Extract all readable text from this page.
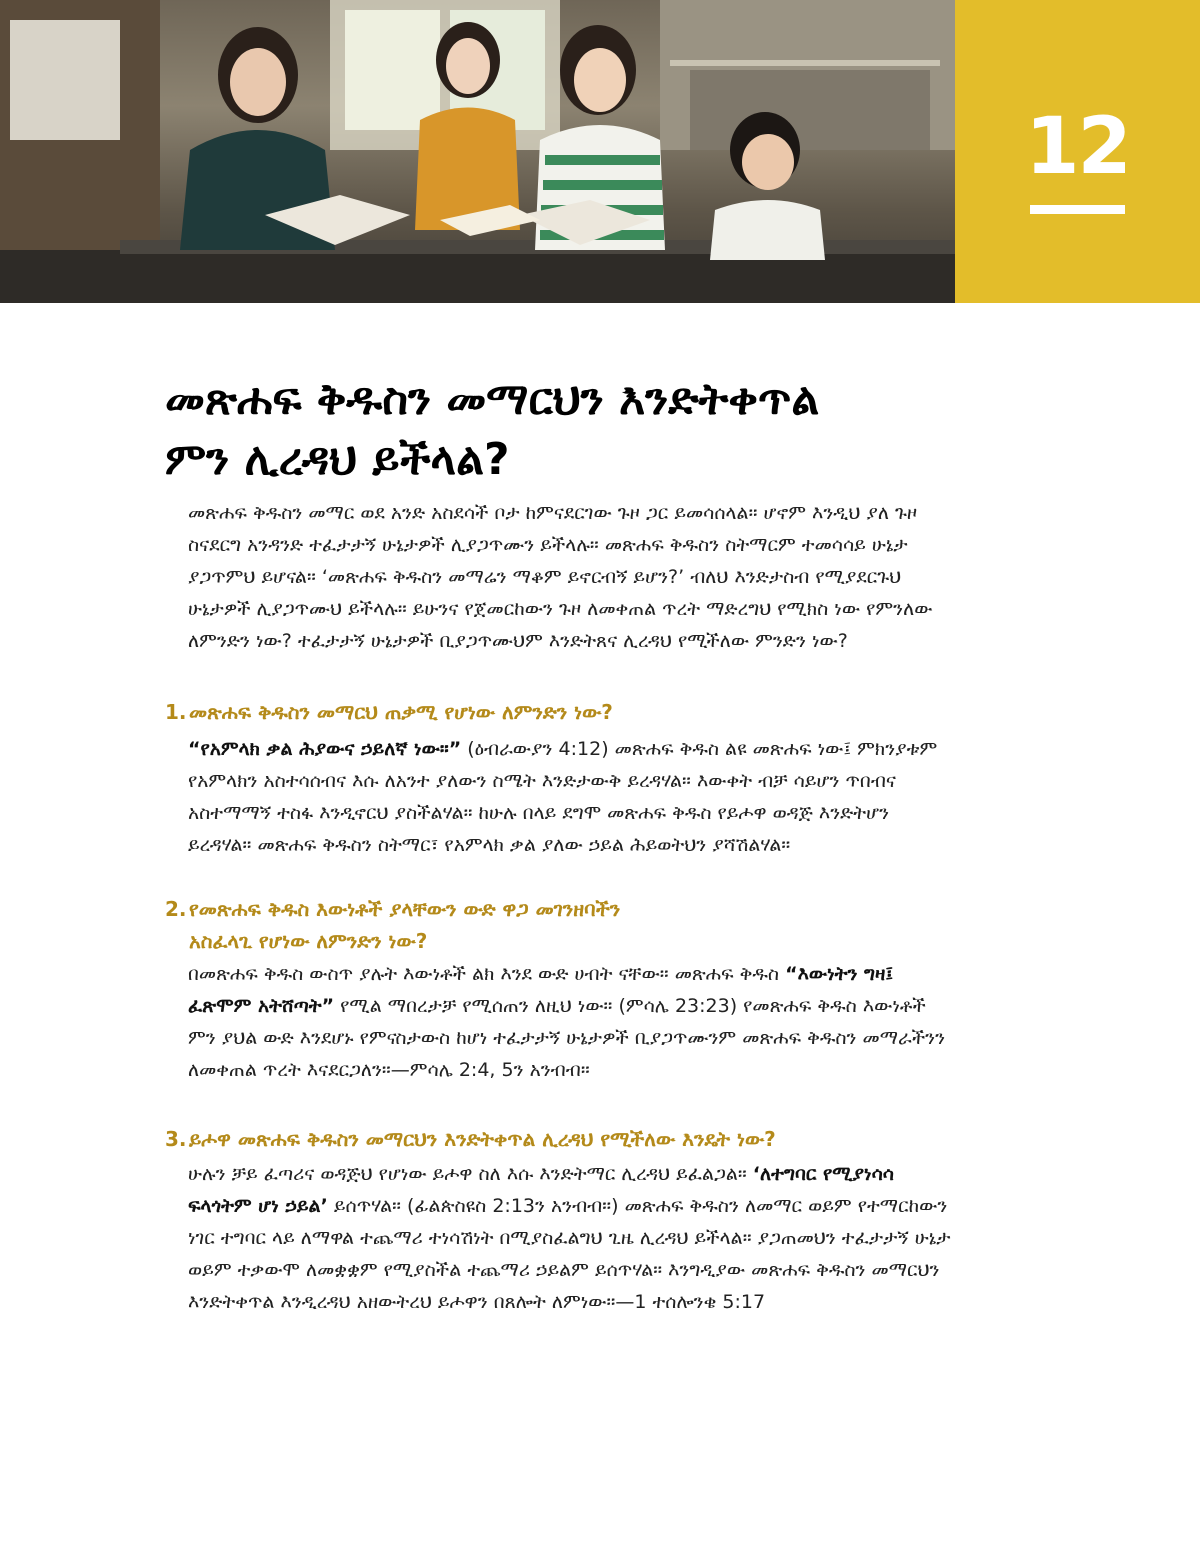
12
መጽሐፍ ቅዱስን መማርህን እንድትቀጥል
ምን ሊረዳህ ይችላል?

መጽሐፍ ቅዱስን መማር ወደ አንድ አስደሳች ቦታ ከምናደርገው ጉዞ ጋር ይመሳሰላል። ሆኖም እንዲህ ያለ ጉዞ ስናደርግ አንዳንድ ተፈታታኝ ሁኔታዎች ሊያጋጥሙን ይችላሉ። መጽሐፍ ቅዱስን ስትማርም ተመሳሳይ ሁኔታ ያጋጥምህ ይሆናል። ‘መጽሐፍ ቅዱስን መማሬን ማቆም ይኖርብኝ ይሆን?’ ብለህ እንድታስብ የሚያደርጉህ ሁኔታዎች ሊያጋጥሙህ ይችላሉ። ይሁንና የጀመርከውን ጉዞ ለመቀጠል ጥረት ማድረግህ የሚክስ ነው የምንለው ለምንድን ነው? ተፈታታኝ ሁኔታዎች ቢያጋጥሙህም እንድትጸና ሊረዳህ የሚችለው ምንድን ነው?

1. መጽሐፍ ቅዱስን መማርህ ጠቃሚ የሆነው ለምንድን ነው?

“የአምላክ ቃል ሕያውና ኃይለኛ ነው።” (ዕብራውያን 4:12) መጽሐፍ ቅዱስ ልዩ መጽሐፍ ነው፤ ምክንያቱም የአምላክን አስተሳሰብና እሱ ለአንተ ያለውን ስሜት እንድታውቅ ይረዳሃል። እውቀት ብቻ ሳይሆን ጥበብና አስተማማኝ ተስፋ እንዲኖርህ ያስችልሃል። ከሁሉ በላይ ደግሞ መጽሐፍ ቅዱስ የይሖዋ ወዳጅ እንድትሆን ይረዳሃል። መጽሐፍ ቅዱስን ስትማር፣ የአምላክ ቃል ያለው ኃይል ሕይወትህን ያሻሽልሃል።

2. የመጽሐፍ ቅዱስ እውነቶች ያላቸውን ውድ ዋጋ መገንዘባችን
አስፈላጊ የሆነው ለምንድን ነው?

በመጽሐፍ ቅዱስ ውስጥ ያሉት እውነቶች ልክ እንደ ውድ ሀብት ናቸው። መጽሐፍ ቅዱስ “እውነትን ግዛ፤ ፈጽሞም አትሸጣት” የሚል ማበረታቻ የሚሰጠን ለዚህ ነው። (ምሳሌ 23:23) የመጽሐፍ ቅዱስ እውነቶች ምን ያህል ውድ እንደሆኑ የምናስታውስ ከሆነ ተፈታታኝ ሁኔታዎች ቢያጋጥሙንም መጽሐፍ ቅዱስን መማራችንን ለመቀጠል ጥረት እናደርጋለን።—ምሳሌ 2:4, 5ን አንብብ።

3. ይሖዋ መጽሐፍ ቅዱስን መማርህን እንድትቀጥል ሊረዳህ የሚችለው እንዴት ነው?

ሁሉን ቻይ ፈጣሪና ወዳጅህ የሆነው ይሖዋ ስለ እሱ እንድትማር ሊረዳህ ይፈልጋል። ‘ለተግባር የሚያነሳሳ ፍላጎትም ሆነ ኃይል’ ይሰጥሃል። (ፊልጵስዩስ 2:13ን አንብብ።) መጽሐፍ ቅዱስን ለመማር ወይም የተማርከውን ነገር ተግባር ላይ ለማዋል ተጨማሪ ተነሳሽነት በሚያስፈልግህ ጊዜ ሊረዳህ ይችላል። ያጋጠመህን ተፈታታኝ ሁኔታ ወይም ተቃውሞ ለመቋቋም የሚያስችል ተጨማሪ ኃይልም ይሰጥሃል። እንግዲያው መጽሐፍ ቅዱስን መማርህን እንድትቀጥል እንዲረዳህ አዘውትረህ ይሖዋን በጸሎት ለምነው።—1 ተሰሎንቄ 5:17
